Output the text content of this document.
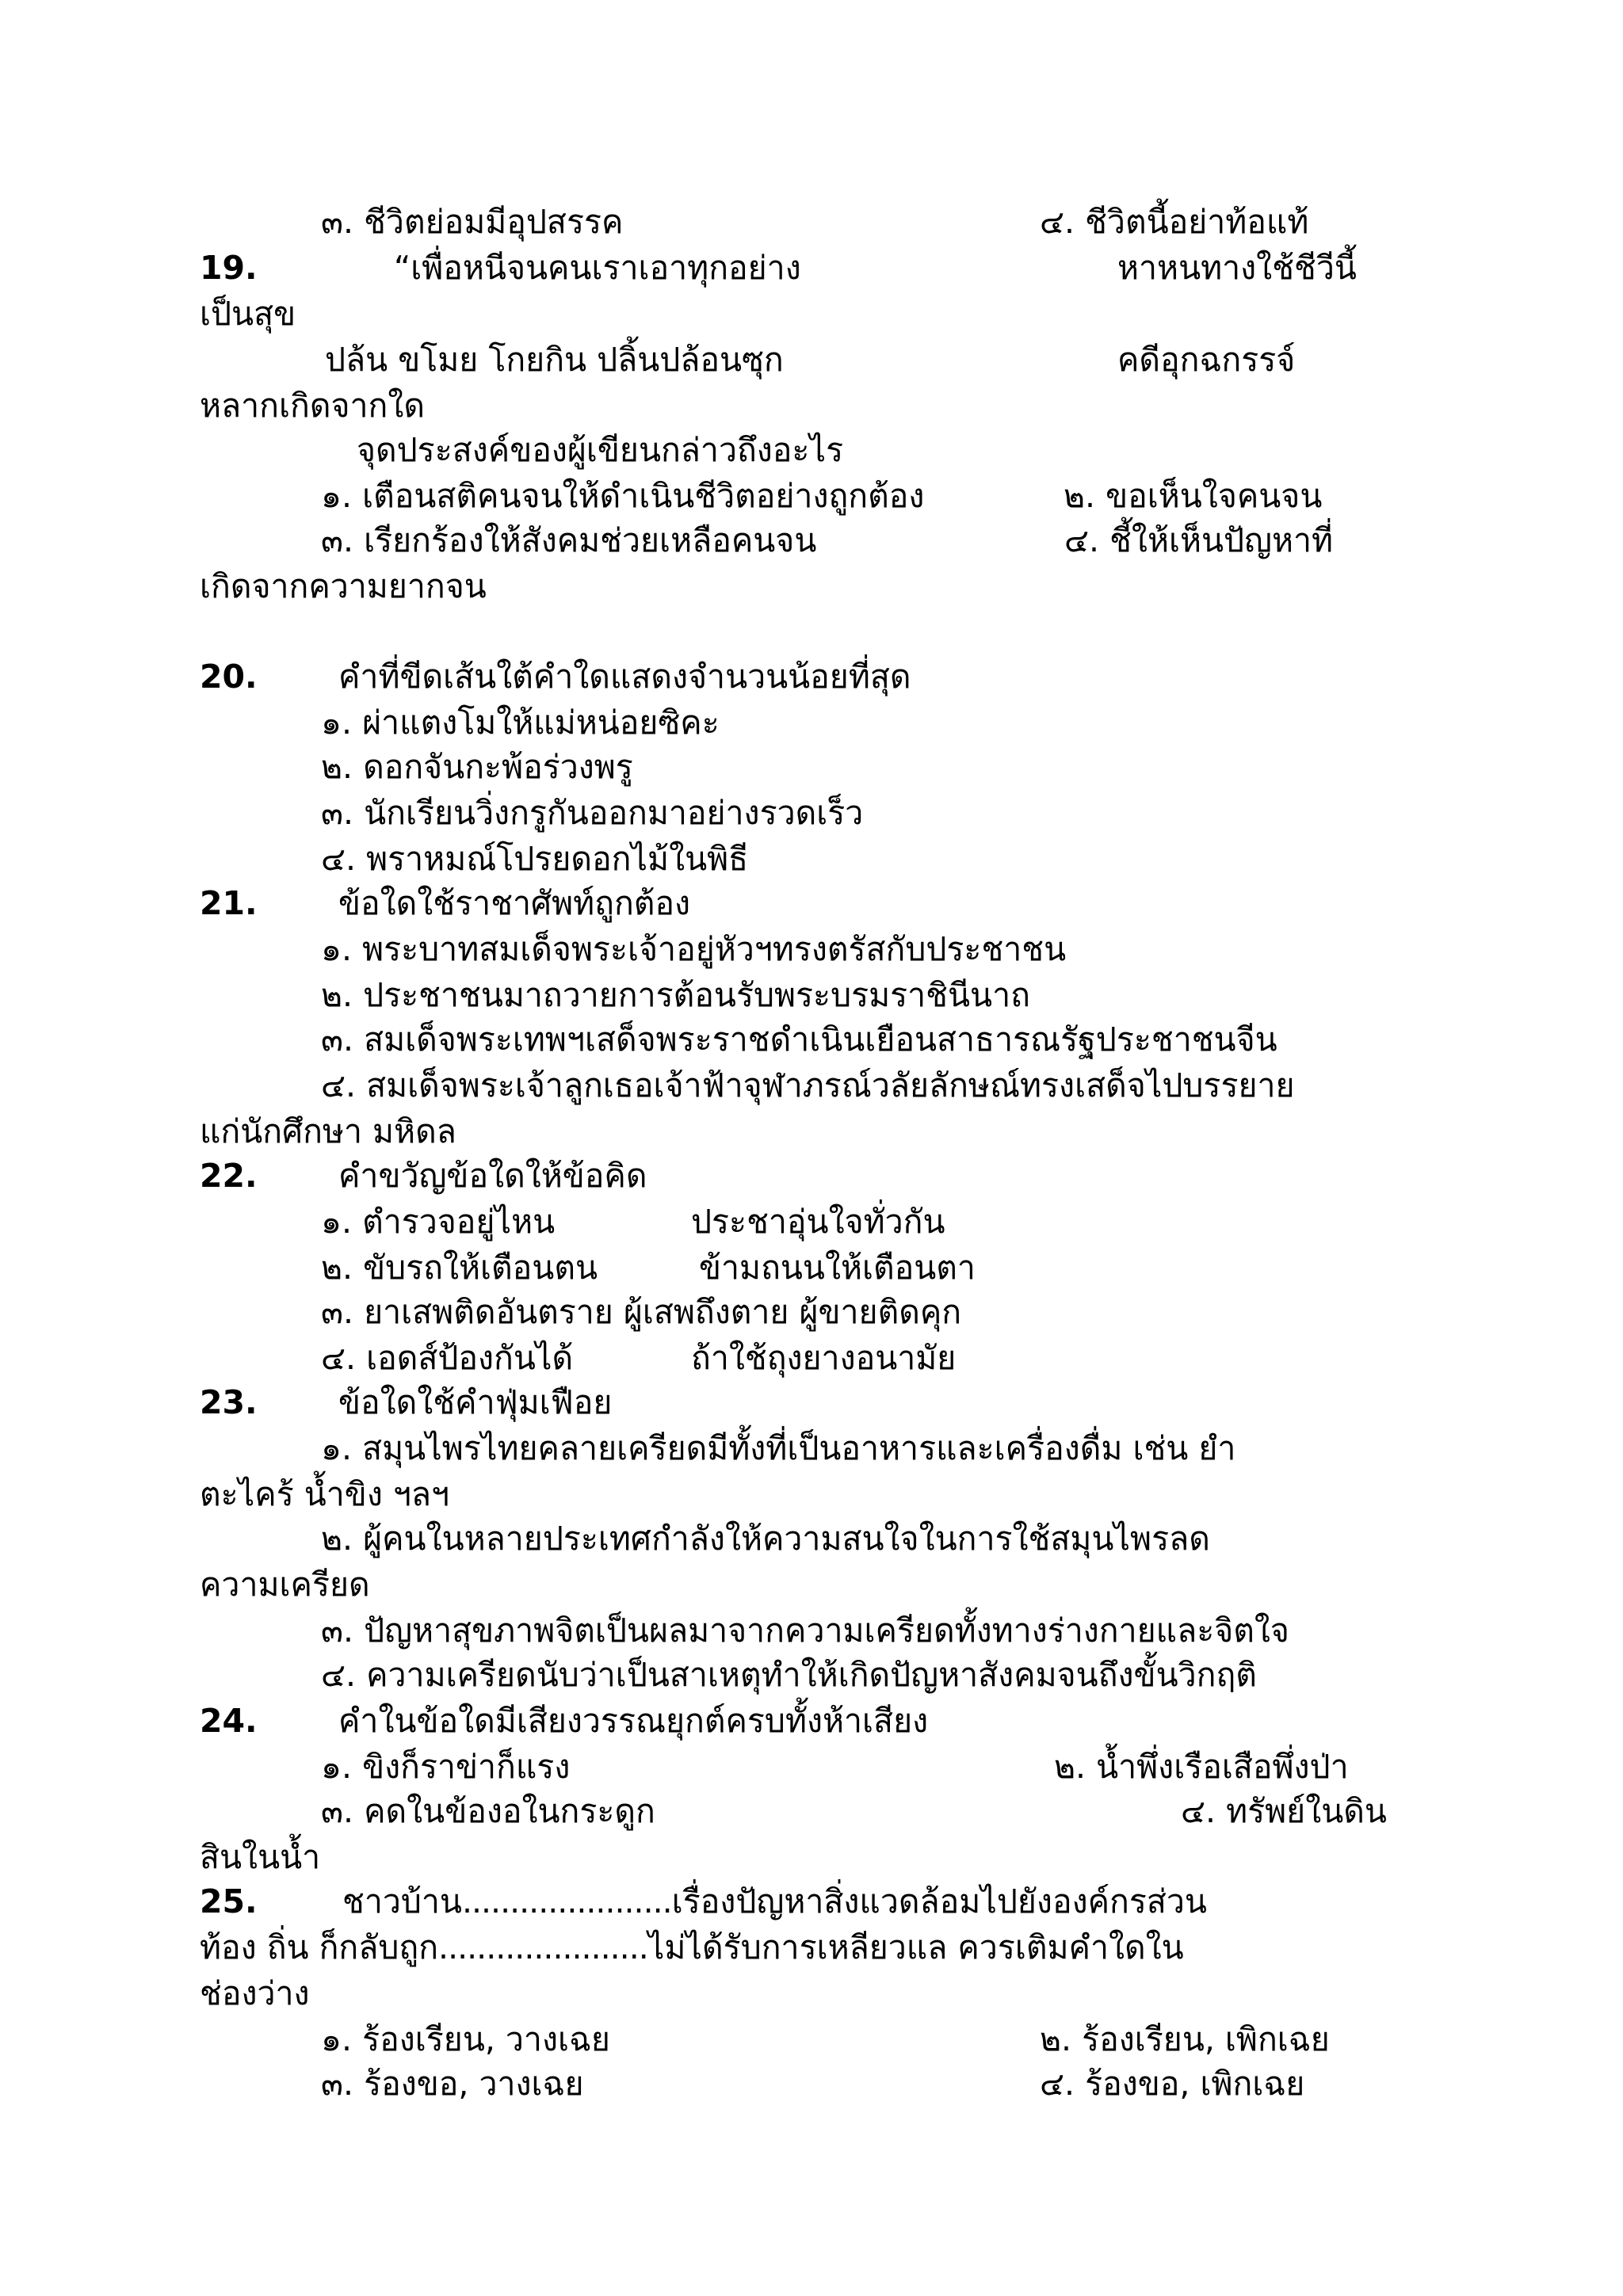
๓. ชีวิตย่อมมีอุปสรรค	๔. ชีวิตนี้อย่าท้อแท้
19.	“เพื่อหนีจนคนเราเอาทุกอย่าง	หาหนทางใช้ชีวีนี้
เป็นสุข
ปล้น ขโมย โกยกิน ปลิ้นปล้อนซุก	คดีอุกฉกรรจ์
หลากเกิดจากใด
จุดประสงค์ของผู้เขียนกล่าวถึงอะไร
๑. เตือนสติคนจนให้ดำเนินชีวิตอย่างถูกต้อง	๒. ขอเห็นใจคนจน
๓. เรียกร้องให้สังคมช่วยเหลือคนจน	๔. ชี้ให้เห็นปัญหาที่
เกิดจากความยากจน
20. คำที่ขีดเส้นใต้คำใดแสดงจำนวนน้อยที่สุด
๑. ผ่าแตงโมให้แม่หน่อยซิคะ
๒. ดอกจันกะพ้อร่วงพรู
๓. นักเรียนวิ่งกรูกันออกมาอย่างรวดเร็ว
๔. พราหมณ์โปรยดอกไม้ในพิธี
21. ข้อใดใช้ราชาศัพท์ถูกต้อง
๑. พระบาทสมเด็จพระเจ้าอยู่หัวฯทรงตรัสกับประชาชน
๒. ประชาชนมาถวายการต้อนรับพระบรมราชินีนาถ
๓. สมเด็จพระเทพฯเสด็จพระราชดำเนินเยือนสาธารณรัฐประชาชนจีน
๔. สมเด็จพระเจ้าลูกเธอเจ้าฟ้าจุฬาภรณ์วลัยลักษณ์ทรงเสด็จไปบรรยาย
แก่นักศึกษา มหิดล
22. คำขวัญข้อใดให้ข้อคิด
๑. ตำรวจอยู่ไหน	ประชาอุ่นใจทั่วกัน
๒. ขับรถให้เตือนตน	ข้ามถนนให้เตือนตา
๓. ยาเสพติดอันตราย ผู้เสพถึงตาย ผู้ขายติดคุก
๔. เอดส์ป้องกันได้	ถ้าใช้ถุงยางอนามัย
23. ข้อใดใช้คำฟุ่มเฟือย
๑. สมุนไพรไทยคลายเครียดมีทั้งที่เป็นอาหารและเครื่องดื่ม เช่น ยำ
ตะไคร้ น้ำขิง ฯลฯ
๒. ผู้คนในหลายประเทศกำลังให้ความสนใจในการใช้สมุนไพรลด
ความเครียด
๓. ปัญหาสุขภาพจิตเป็นผลมาจากความเครียดทั้งทางร่างกายและจิตใจ
๔. ความเครียดนับว่าเป็นสาเหตุทำให้เกิดปัญหาสังคมจนถึงขั้นวิกฤติ
24. คำในข้อใดมีเสียงวรรณยุกต์ครบทั้งห้าเสียง
๑. ขิงก็ราข่าก็แรง	๒. น้ำพึ่งเรือเสือพึ่งป่า
๓. คดในข้องอในกระดูก	๔. ทรัพย์ในดิน
สินในน้ำ
25.	ชาวบ้าน......................เรื่องปัญหาสิ่งแวดล้อมไปยังองค์กรส่วน
ท้อง ถิ่น ก็กลับถูก......................ไม่ได้รับการเหลียวแล ควรเติมคำใดใน
ช่องว่าง
๑. ร้องเรียน, วางเฉย	๒. ร้องเรียน, เพิกเฉย
๓. ร้องขอ, วางเฉย	๔. ร้องขอ, เพิกเฉย
